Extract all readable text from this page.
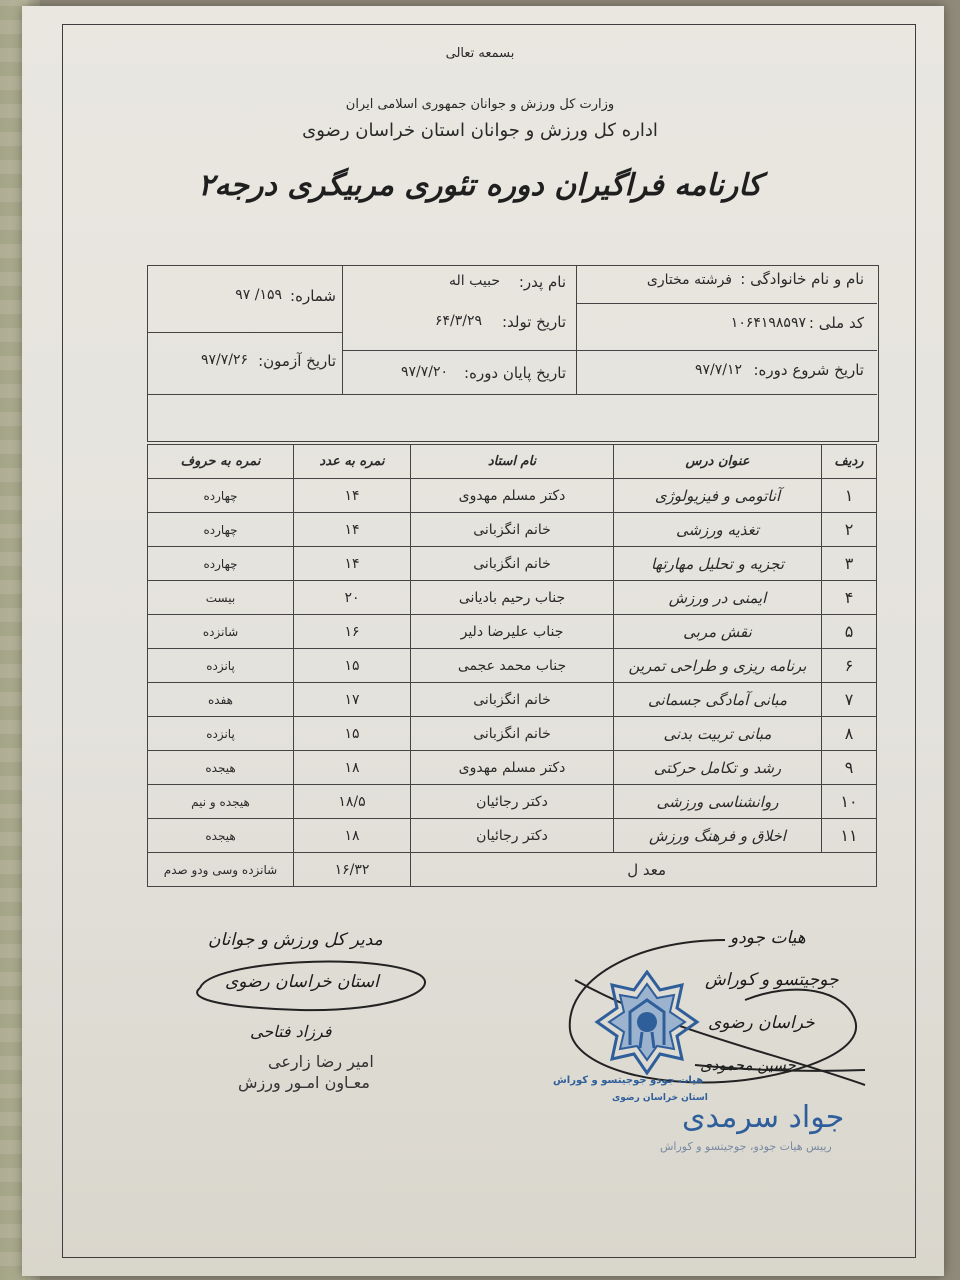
بسمعه تعالی
وزارت کل ورزش و جوانان جمهوری اسلامی ایران
اداره کل ورزش و جوانان استان خراسان رضوی
کارنامه فراگیران دوره تئوری مربیگری درجه۲
نام و نام خانوادگی :
فرشته مختاری
نام پدر:
حبیب اله
شماره:
۱۵۹/ ۹۷
کد ملی :
۱۰۶۴۱۹۸۵۹۷
تاریخ تولد:
۶۴/۳/۲۹
تاریخ شروع دوره:
۹۷/۷/۱۲
تاریخ پایان دوره:
۹۷/۷/۲۰
تاریخ آزمون:
۹۷/۷/۲۶
ردیف	عنوان درس	نام استاد	نمره به عدد	نمره به حروف
۱	آناتومی و فیزیولوژی	دکتر مسلم مهدوی	۱۴	چهارده
۲	تغذیه ورزشی	خانم انگزبانی	۱۴	چهارده
۳	تجزیه و تحلیل مهارتها	خانم انگزبانی	۱۴	چهارده
۴	ایمنی در ورزش	جناب رحیم بادیانی	۲۰	بیست
۵	نقش مربی	جناب علیرضا دلیر	۱۶	شانزده
۶	برنامه ریزی و طراحی تمرین	جناب محمد عجمی	۱۵	پانزده
۷	مبانی آمادگی جسمانی	خانم انگزبانی	۱۷	هفده
۸	مبانی تربیت بدنی	خانم انگزبانی	۱۵	پانزده
۹	رشد و تکامل حرکتی	دکتر مسلم مهدوی	۱۸	هیجده
۱۰	روانشناسی ورزشی	دکتر رجائیان	۱۸/۵	هیجده و نیم
۱۱	اخلاق و فرهنگ ورزش	دکتر رجائیان	۱۸	هیجده
معد ل			۱۶/۳۲	شانزده وسی ودو صدم
مدیر کل ورزش و جوانان
استان خراسان رضوی
فرزاد فتاحی
امیر رضا زارعی
معـاون امـور ورزش
هیات جودو
جوجیتسو و کوراش
خراسان رضوی
حسین محمودی
هیات جودو جوجیتسو و کوراش
استان خراسان رضوی
جواد سرمدی
رییس هیات جودو، جوجیتسو و کوراش
